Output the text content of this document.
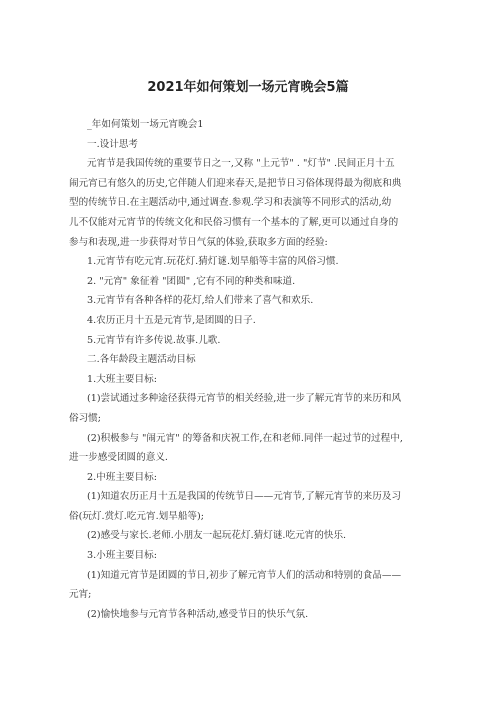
2021年如何策划一场元宵晚会5篇
_年如何策划一场元宵晚会1
一.设计思考
元宵节是我国传统的重要节日之一,又称 "上元节" . "灯节" .民间正月十五
闹元宵已有悠久的历史,它伴随人们迎来春天,是把节日习俗体现得最为彻底和典
型的传统节日.在主题活动中,通过调查.参观.学习和表演等不同形式的活动,幼
儿不仅能对元宵节的传统文化和民俗习惯有一个基本的了解,更可以通过自身的
参与和表现,进一步获得对节日气氛的体验,获取多方面的经验:
1.元宵节有吃元宵.玩花灯.猜灯谜.划旱船等丰富的风俗习惯.
2. "元宵" 象征着 "团圆" ,它有不同的种类和味道.
3.元宵节有各种各样的花灯,给人们带来了喜气和欢乐.
4.农历正月十五是元宵节,是团圆的日子.
5.元宵节有许多传说.故事.儿歌.
二.各年龄段主题活动目标
1.大班主要目标:
(1)尝试通过多种途径获得元宵节的相关经验,进一步了解元宵节的来历和风
俗习惯;
(2)积极参与 "闹元宵" 的筹备和庆祝工作,在和老师.同伴一起过节的过程中,
进一步感受团圆的意义.
2.中班主要目标:
(1)知道农历正月十五是我国的传统节日——元宵节,了解元宵节的来历及习
俗(玩灯.赏灯.吃元宵.划旱船等);
(2)感受与家长.老师.小朋友一起玩花灯.猜灯谜.吃元宵的快乐.
3.小班主要目标:
(1)知道元宵节是团圆的节日,初步了解元宵节人们的活动和特别的食品——
元宵;
(2)愉快地参与元宵节各种活动,感受节日的快乐气氛.
